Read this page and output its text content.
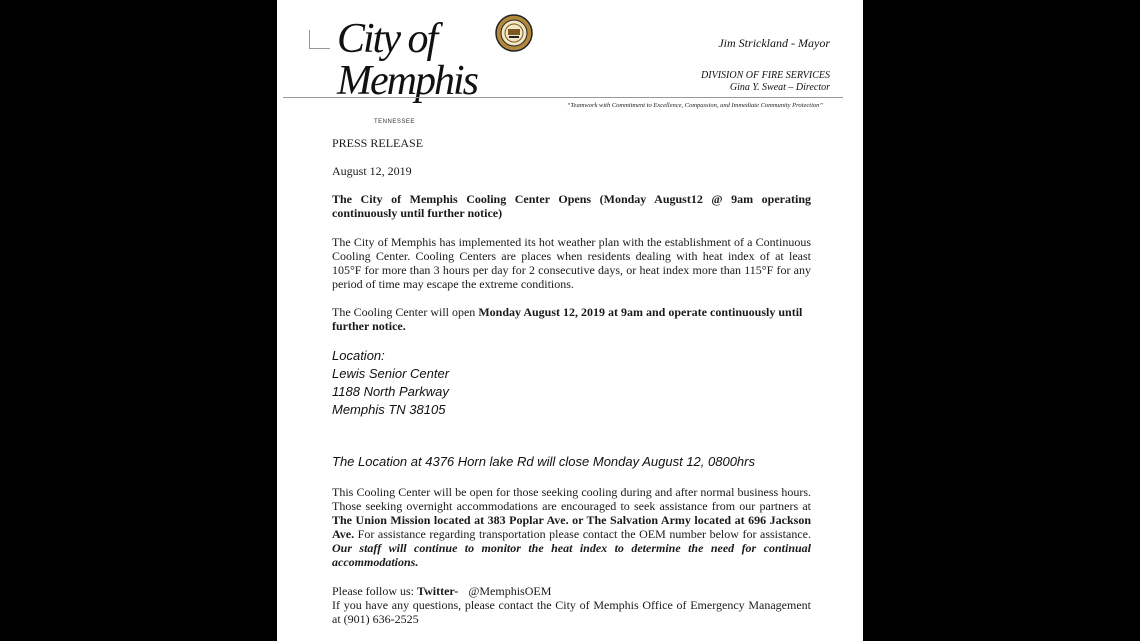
City of
Memphis
TENNESSEE
Jim Strickland - Mayor
DIVISION OF FIRE SERVICES
Gina Y. Sweat – Director
“Teamwork with Commitment to Excellence, Compassion, and Immediate Community Protection”
PRESS RELEASE
August 12, 2019
The City of Memphis Cooling Center Opens (Monday August12 @ 9am operating continuously until further notice)
The City of Memphis has implemented its hot weather plan with the establishment of a Continuous Cooling Center. Cooling Centers are places when residents dealing with heat index of at least 105°F for more than 3 hours per day for 2 consecutive days, or heat index more than 115°F for any period of time may escape the extreme conditions.
The Cooling Center will open Monday August 12, 2019 at 9am and operate continuously until further notice.
Location:
Lewis Senior Center
1188 North Parkway
Memphis TN 38105
The Location at 4376 Horn lake Rd will close Monday August 12, 0800hrs
This Cooling Center will be open for those seeking cooling during and after normal business hours. Those seeking overnight accommodations are encouraged to seek assistance from our partners at The Union Mission located at 383 Poplar Ave. or The Salvation Army located at 696 Jackson Ave. For assistance regarding transportation please contact the OEM number below for assistance. Our staff will continue to monitor the heat index to determine the need for continual accommodations.
Please follow us: Twitter- @MemphisOEM
If you have any questions, please contact the City of Memphis Office of Emergency Management at (901) 636-2525
